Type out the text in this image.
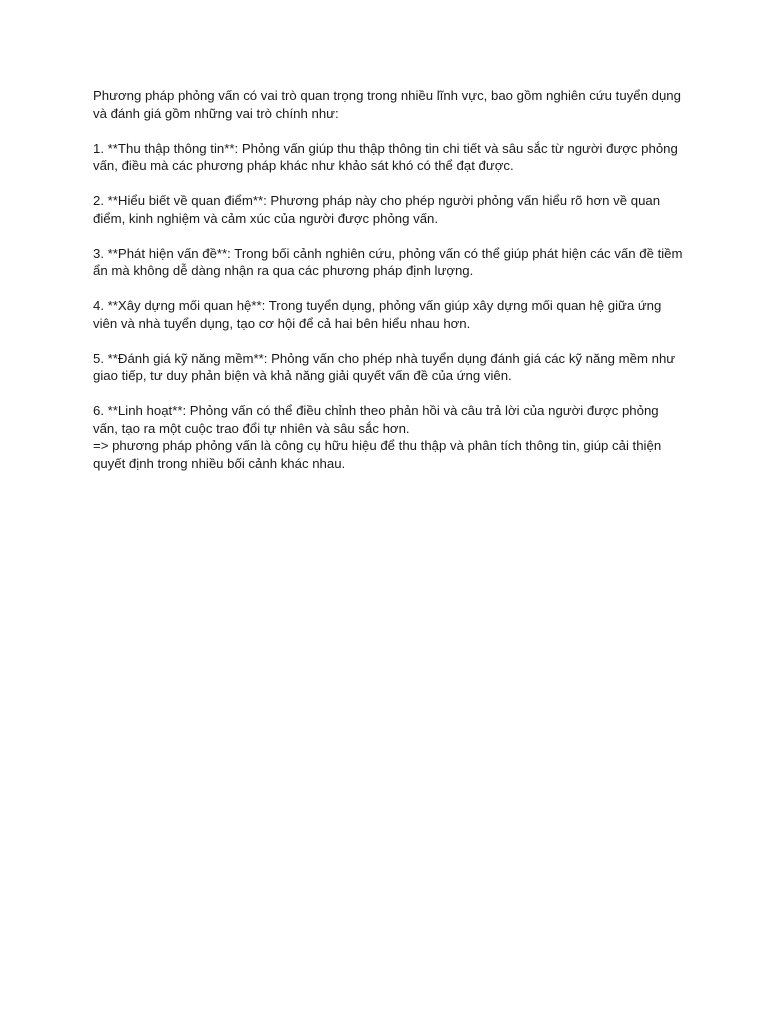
Phương pháp phỏng vấn có vai trò quan trọng trong nhiều lĩnh vực, bao gồm nghiên cứu tuyển dụng và đánh giá gồm những vai trò chính như:

1. **Thu thập thông tin**: Phỏng vấn giúp thu thập thông tin chi tiết và sâu sắc từ người được phỏng vấn, điều mà các phương pháp khác như khảo sát khó có thể đạt được.

2. **Hiểu biết về quan điểm**: Phương pháp này cho phép người phỏng vấn hiểu rõ hơn về quan điểm, kinh nghiệm và cảm xúc của người được phỏng vấn.

3. **Phát hiện vấn đề**: Trong bối cảnh nghiên cứu, phỏng vấn có thể giúp phát hiện các vấn đề tiềm ẩn mà không dễ dàng nhận ra qua các phương pháp định lượng.

4. **Xây dựng mối quan hệ**: Trong tuyển dụng, phỏng vấn giúp xây dựng mối quan hệ giữa ứng viên và nhà tuyển dụng, tạo cơ hội để cả hai bên hiểu nhau hơn.

5. **Đánh giá kỹ năng mềm**: Phỏng vấn cho phép nhà tuyển dụng đánh giá các kỹ năng mềm như giao tiếp, tư duy phản biện và khả năng giải quyết vấn đề của ứng viên.

6. **Linh hoạt**: Phỏng vấn có thể điều chỉnh theo phản hồi và câu trả lời của người được phỏng vấn, tạo ra một cuộc trao đổi tự nhiên và sâu sắc hơn.

=> phương pháp phỏng vấn là công cụ hữu hiệu để thu thập và phân tích thông tin, giúp cải thiện quyết định trong nhiều bối cảnh khác nhau.
